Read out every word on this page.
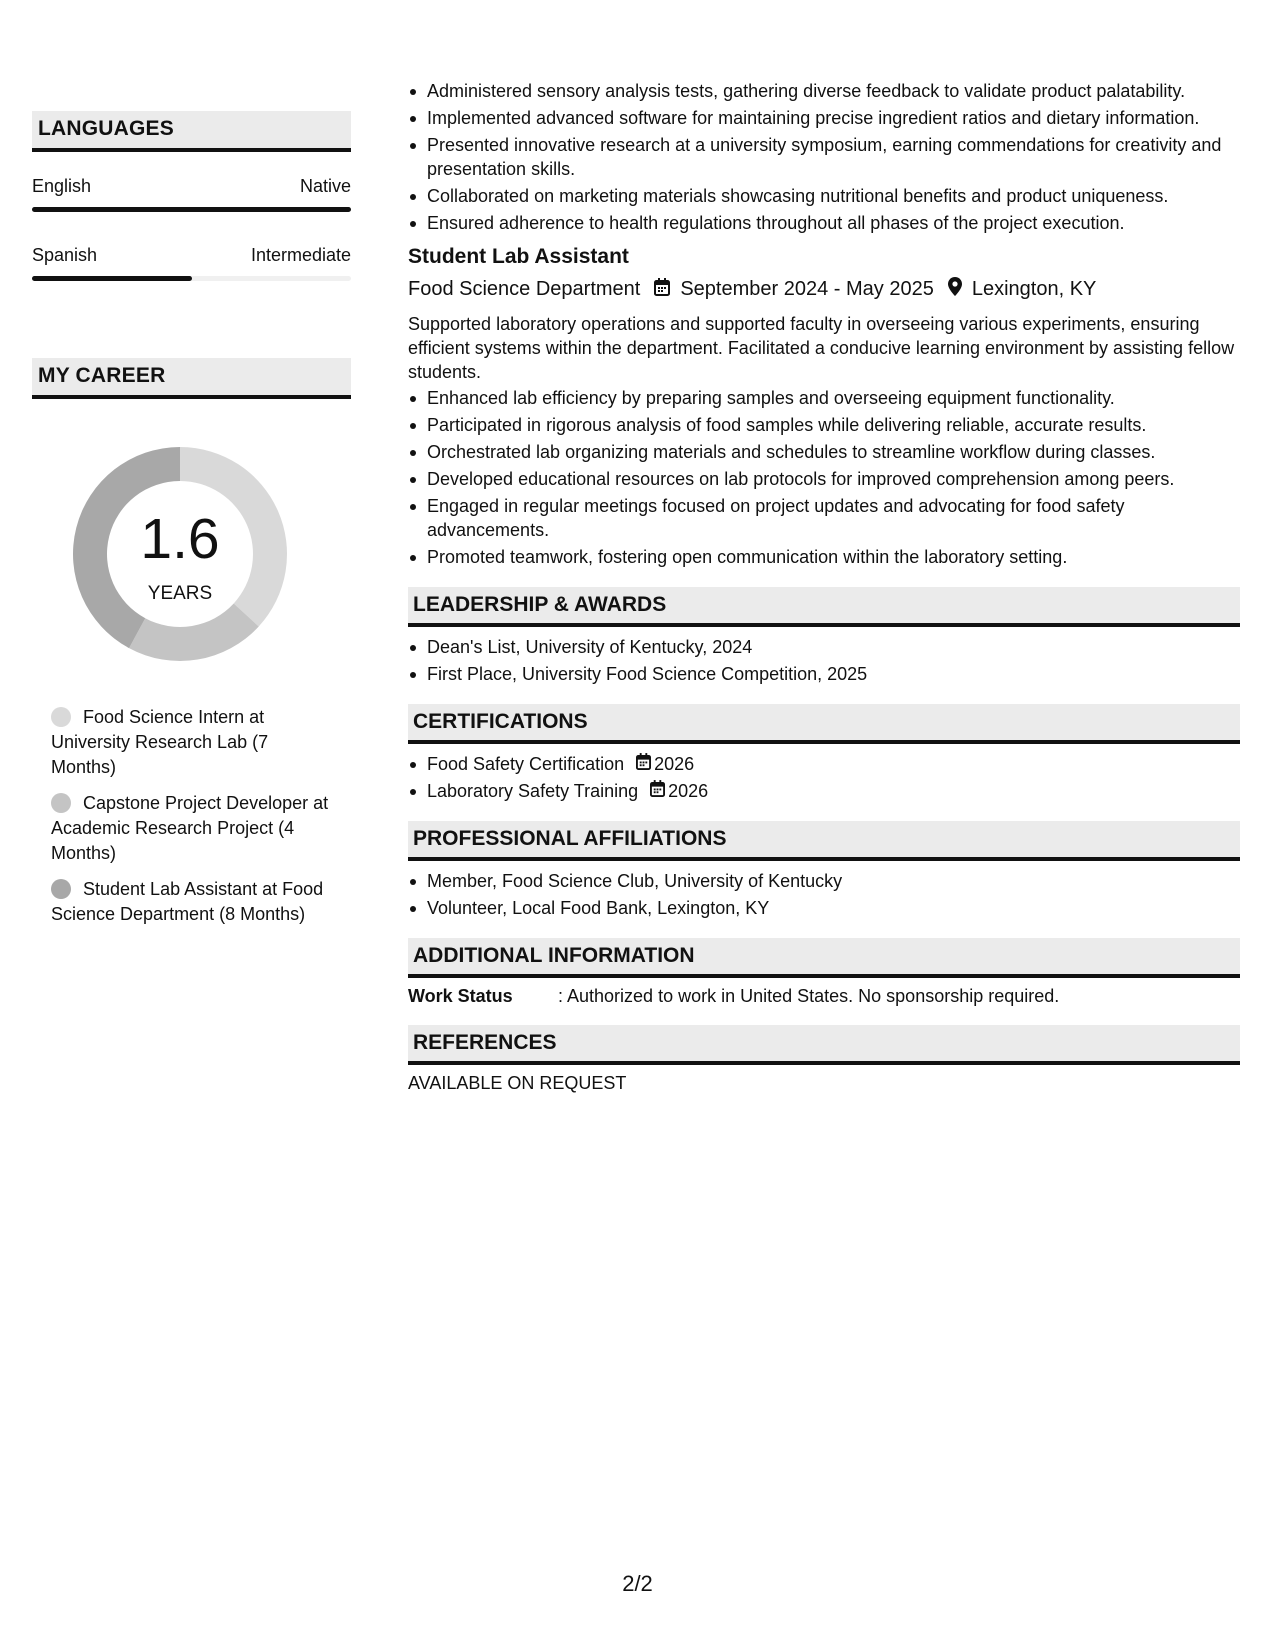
LANGUAGES
English	Native
Spanish	Intermediate
MY CAREER
1.6
YEARS
Food Science Intern at University Research Lab (7 Months)
Capstone Project Developer at Academic Research Project (4 Months)
Student Lab Assistant at Food Science Department (8 Months)
Administered sensory analysis tests, gathering diverse feedback to validate product palatability.
Implemented advanced software for maintaining precise ingredient ratios and dietary information.
Presented innovative research at a university symposium, earning commendations for creativity and presentation skills.
Collaborated on marketing materials showcasing nutritional benefits and product uniqueness.
Ensured adherence to health regulations throughout all phases of the project execution.
Student Lab Assistant
Food Science Department September 2024 - May 2025 Lexington, KY
Supported laboratory operations and supported faculty in overseeing various experiments, ensuring efficient systems within the department. Facilitated a conducive learning environment by assisting fellow students.
Enhanced lab efficiency by preparing samples and overseeing equipment functionality.
Participated in rigorous analysis of food samples while delivering reliable, accurate results.
Orchestrated lab organizing materials and schedules to streamline workflow during classes.
Developed educational resources on lab protocols for improved comprehension among peers.
Engaged in regular meetings focused on project updates and advocating for food safety advancements.
Promoted teamwork, fostering open communication within the laboratory setting.
LEADERSHIP & AWARDS
Dean's List, University of Kentucky, 2024
First Place, University Food Science Competition, 2025
CERTIFICATIONS
Food Safety Certification 2026
Laboratory Safety Training 2026
PROFESSIONAL AFFILIATIONS
Member, Food Science Club, University of Kentucky
Volunteer, Local Food Bank, Lexington, KY
ADDITIONAL INFORMATION
Work Status	: Authorized to work in United States. No sponsorship required.
REFERENCES
AVAILABLE ON REQUEST
2/2
